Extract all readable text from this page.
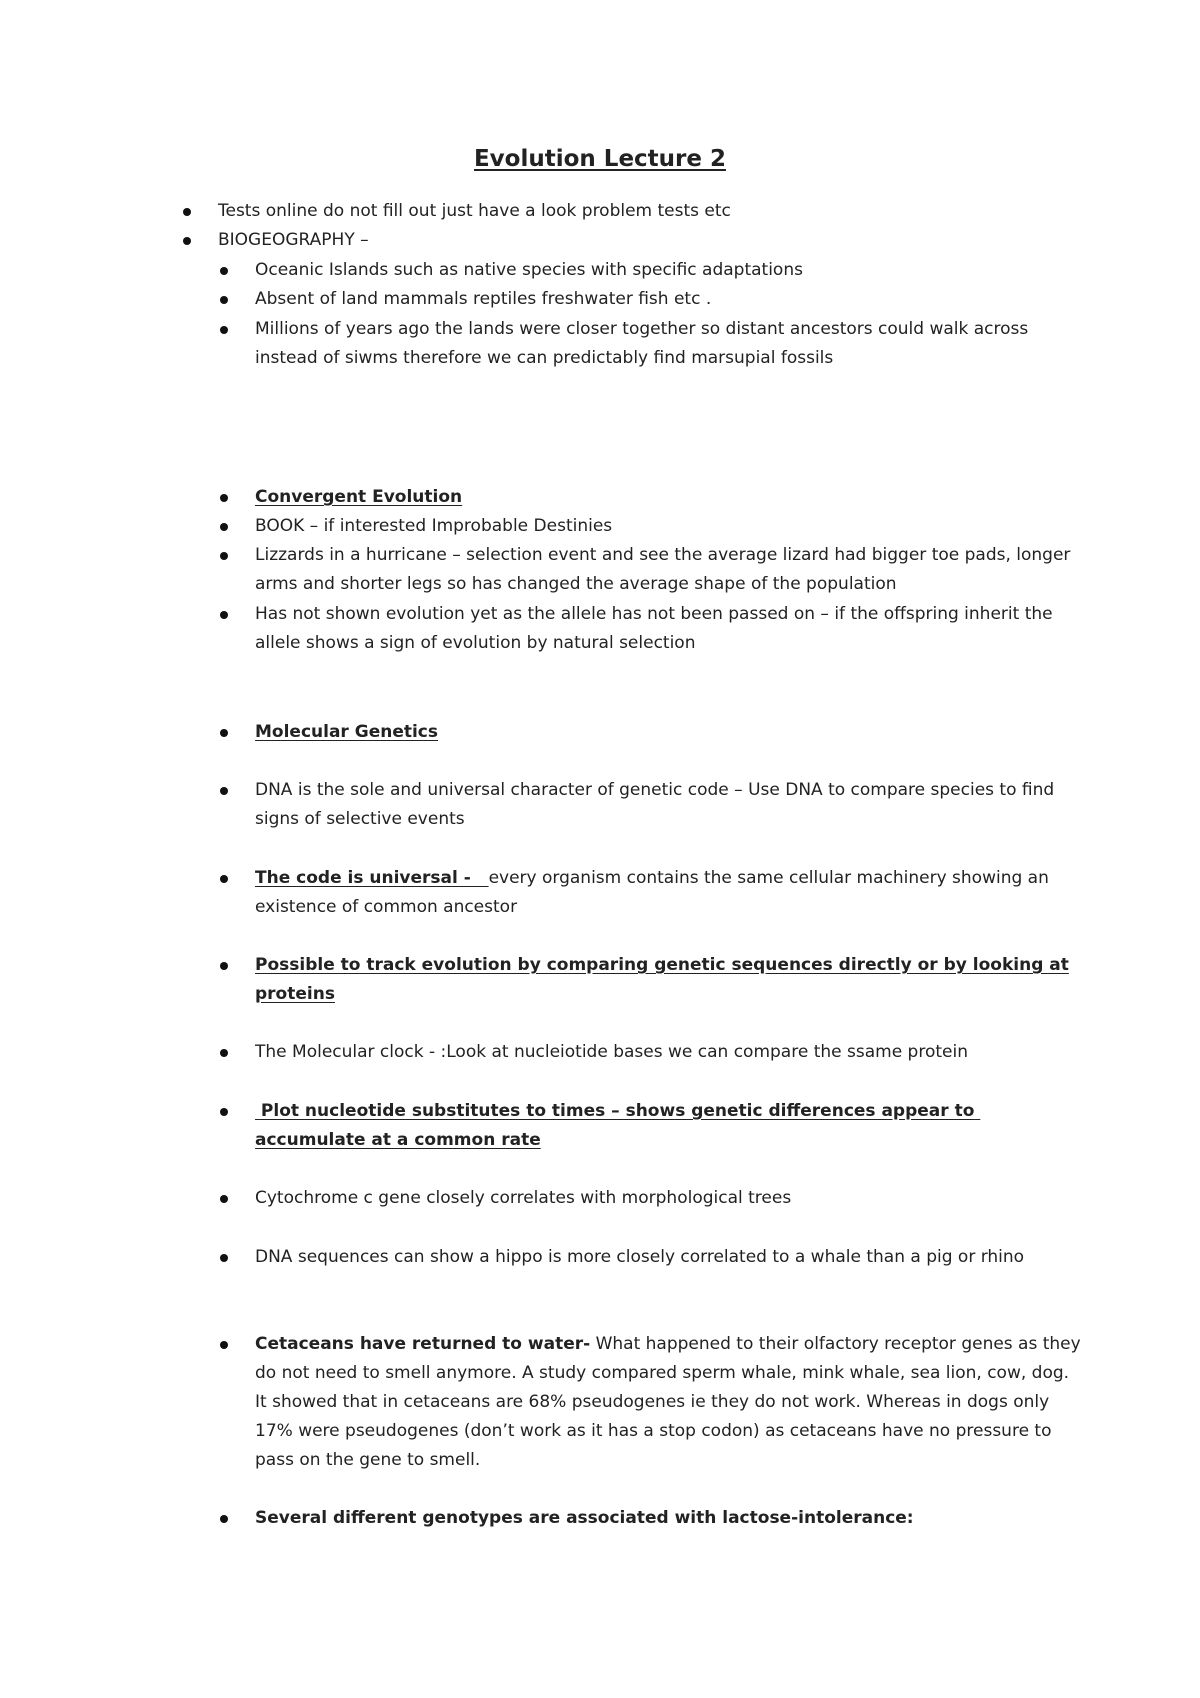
Evolution Lecture 2
Tests online do not fill out just have a look problem tests etc
BIOGEOGRAPHY –
Oceanic Islands such as native species with specific adaptations
Absent of land mammals reptiles freshwater fish etc .
Millions of years ago the lands were closer together so distant ancestors could walk across instead of siwms therefore we can predictably find marsupial fossils
Convergent Evolution
BOOK – if interested Improbable Destinies
Lizzards in a hurricane – selection event and see the average lizard had bigger toe pads, longer arms and shorter legs so has changed the average shape of the population
Has not shown evolution yet as the allele has not been passed on – if the offspring inherit the allele shows a sign of evolution by natural selection
Molecular Genetics
DNA is the sole and universal character of genetic code – Use DNA to compare species to find signs of selective events
The code is universal -   every organism contains the same cellular machinery showing an existence of common ancestor
Possible to track evolution by comparing genetic sequences directly or by looking at proteins
The Molecular clock - :Look at nucleiotide bases we can compare the ssame protein
Plot nucleotide substitutes to times – shows genetic differences appear to accumulate at a common rate
Cytochrome c gene closely correlates with morphological trees
DNA sequences can show a hippo is more closely correlated to a whale than a pig or rhino
Cetaceans have returned to water- What happened to their olfactory receptor genes as they do not need to smell anymore. A study compared sperm whale, mink whale, sea lion, cow, dog. It showed that in cetaceans are 68% pseudogenes ie they do not work. Whereas in dogs only 17% were pseudogenes (don’t work as it has a stop codon) as cetaceans have no pressure to pass on the gene to smell.
Several different genotypes are associated with lactose-intolerance:
